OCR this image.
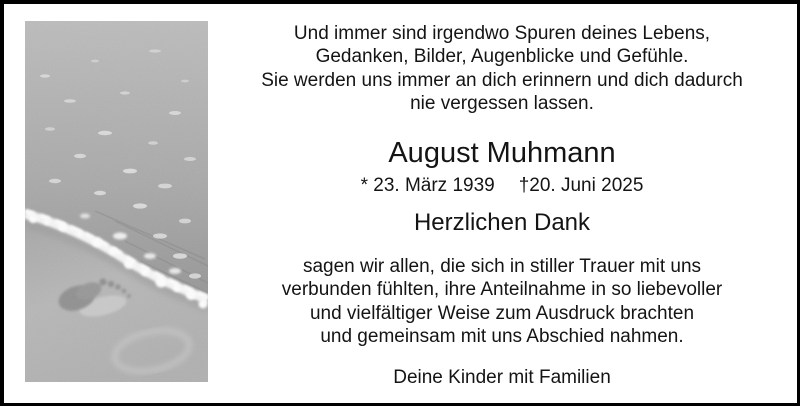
Und immer sind irgendwo Spuren deines Lebens,
Gedanken, Bilder, Augenblicke und Gefühle.
Sie werden uns immer an dich erinnern und dich dadurch
nie vergessen lassen.
August Muhmann
* 23. März 1939 †20. Juni 2025
Herzlichen Dank
sagen wir allen, die sich in stiller Trauer mit uns
verbunden fühlten, ihre Anteilnahme in so liebevoller
und vielfältiger Weise zum Ausdruck brachten
und gemeinsam mit uns Abschied nahmen.
Deine Kinder mit Familien
